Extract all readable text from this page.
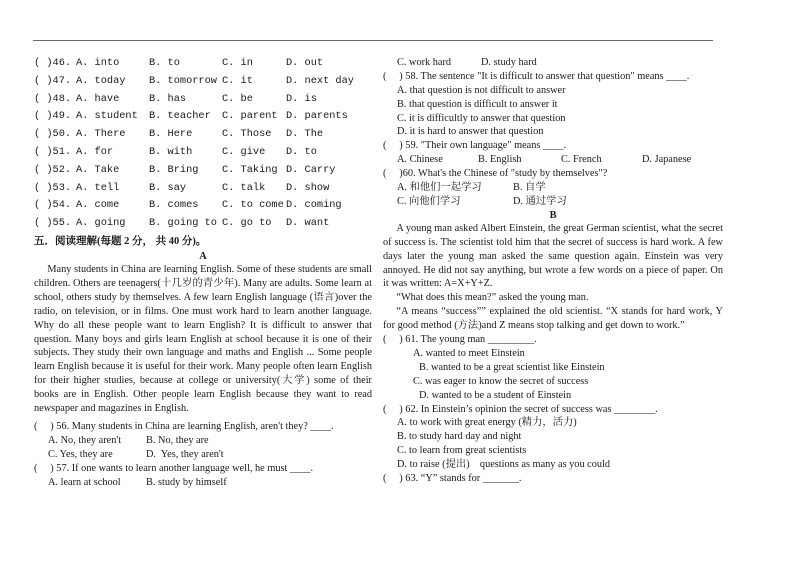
( )46. A. into	B. to	C. in	D. out
( )47. A. today B. tomorrow C. it	D. next day
( )48. A. have	B. has	C. be	D. is
( )49. A. student B. teacher C. parent D. parents
( )50. A. There B. Here	C. Those D. The
( )51. A. for	B. with	C. give D. to
( )52. A. Take	B. Bring C. Taking D. Carry
( )53. A. tell	B. say	C. talk D. show
( )54. A. come	B. comes C. to come D. coming
( )55. A. going B. going to C. go to D. want
五．阅读理解(每题 2 分， 共 40 分)。
A
Many students in China are learning English. Some of these students are small children. Others are teenagers(十几岁的青少年). Many are adults. Some learn at school, others study by themselves. A few learn English language (语言)over the radio, on television, or in films. One must work hard to learn another language. Why do all these people want to learn English? It is difficult to answer that question. Many boys and girls learn English at school because it is one of their subjects. They study their own language and maths and English ... Some people learn English because it is useful for their work. Many people often learn English for their higher studies, because at college or university(大学) some of their books are in English. Other people learn English because they want to read newspaper and magazines in English.
(     ) 56. Many students in China are learning English, aren't they? ____.

A. No, they aren't

B. No, they are

C. Yes, they are

	D.  Yes, they aren't

(     ) 57. If one wants to learn another language well, he must ____.

A. learn at school

B. study by himself

C. work hard

	D. study hard

(     ) 58. The sentence "It is difficult to answer that question" means ____.
A. that question is not difficult to answer
B. that question is difficult to answer it
C. it is difficultly to answer that question
D. it is hard to answer that question
(     ) 59. "Their own language" means ____.

A. Chinese

	B. English

	C. French

	D. Japanese

(     )60. What's the Chinese of "study by themselves"?

A. 和他们一起学习

	B. 自学

C. 向他们学习

	D. 通过学习

B
A young man asked Albert Einstein, the great German scientist, what the secret of success is. The scientist told him that the secret of success is hard work. A few days later the young man asked the same question again. Einstein was very annoyed. He did not say anything, but wrote a few words on a piece of paper. On it was written: A=X+Y+Z.
“What does this mean?” asked the young man.
“A means “success”” explained the old scientist. “X stands for hard work, Y for good method (方法)and Z means stop talking and get down to work.”
(     ) 61. The young man _________.
A. wanted to meet Einstein
B. wanted to be a great scientist like Einstein
C. was eager to know the secret of success
D. wanted to be a student of Einstein
(     ) 62. In Einstein’s opinion the secret of success was ________.
A. to work with great energy (精力，活力)
B. to study hard day and night
C. to learn from great scientists
D. to raise (提出)    questions as many as you could
(     ) 63. “Y” stands for _______.
